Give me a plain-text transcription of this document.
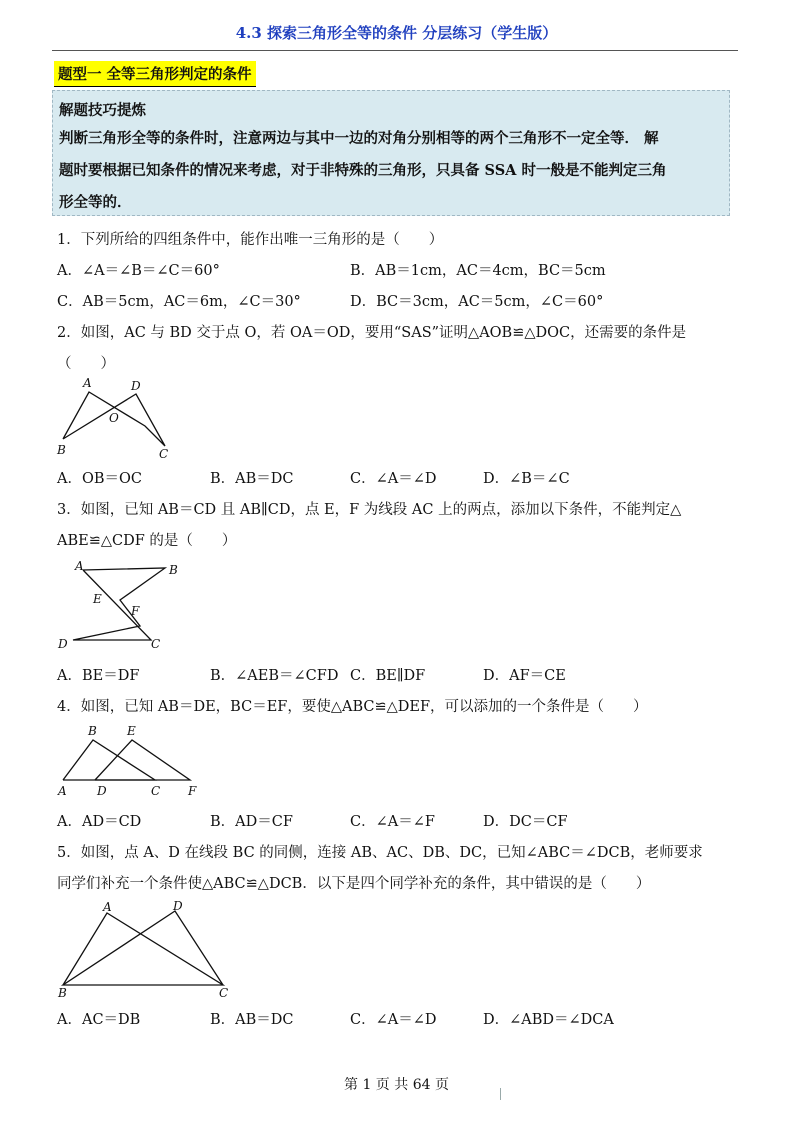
4.3 探索三角形全等的条件 分层练习（学生版）
题型一 全等三角形判定的条件
解题技巧提炼
判断三角形全等的条件时，注意两边与其中一边的对角分别相等的两个三角形不一定全等． 解
题时要根据已知条件的情况来考虑，对于非特殊的三角形，只具备 SSA 时一般是不能判定三角
形全等的．
1．下列所给的四组条件中，能作出唯一三角形的是（　　）
A．∠A＝∠B＝∠C＝60°	B．AB＝1cm，AC＝4cm，BC＝5cm
C．AB＝5cm，AC＝6m，∠C＝30°	D．BC＝3cm，AC＝5cm，∠C＝60°
2．如图，AC 与 BD 交于点 O，若 OA＝OD，要用“SAS”证明△AOB≌△DOC，还需要的条件是
（　　）
A	D
O
B	C
A．OB＝OC	B．AB＝DC	C．∠A＝∠D	D．∠B＝∠C
3．如图，已知 AB＝CD 且 AB∥CD，点 E，F 为线段 AC 上的两点，添加以下条件，不能判定△
ABE≌△CDF 的是（　　）
A	B
E
F
D	C
A．BE＝DF	B．∠AEB＝∠CFD C．BE∥DF	D．AF＝CE
4．如图，已知 AB＝DE，BC＝EF，要使△ABC≌△DEF，可以添加的一个条件是（　　）
B	E
A	D	C F
A．AD＝CD	B．AD＝CF	C．∠A＝∠F	D．DC＝CF
5．如图，点 A、D 在线段 BC 的同侧，连接 AB、AC、DB、DC，已知∠ABC＝∠DCB，老师要求
同学们补充一个条件使△ABC≌△DCB．以下是四个同学补充的条件，其中错误的是（　　）
A	D
B	C
A．AC＝DB	B．AB＝DC	C．∠A＝∠D	D．∠ABD＝∠DCA
第 1 页 共 64 页
